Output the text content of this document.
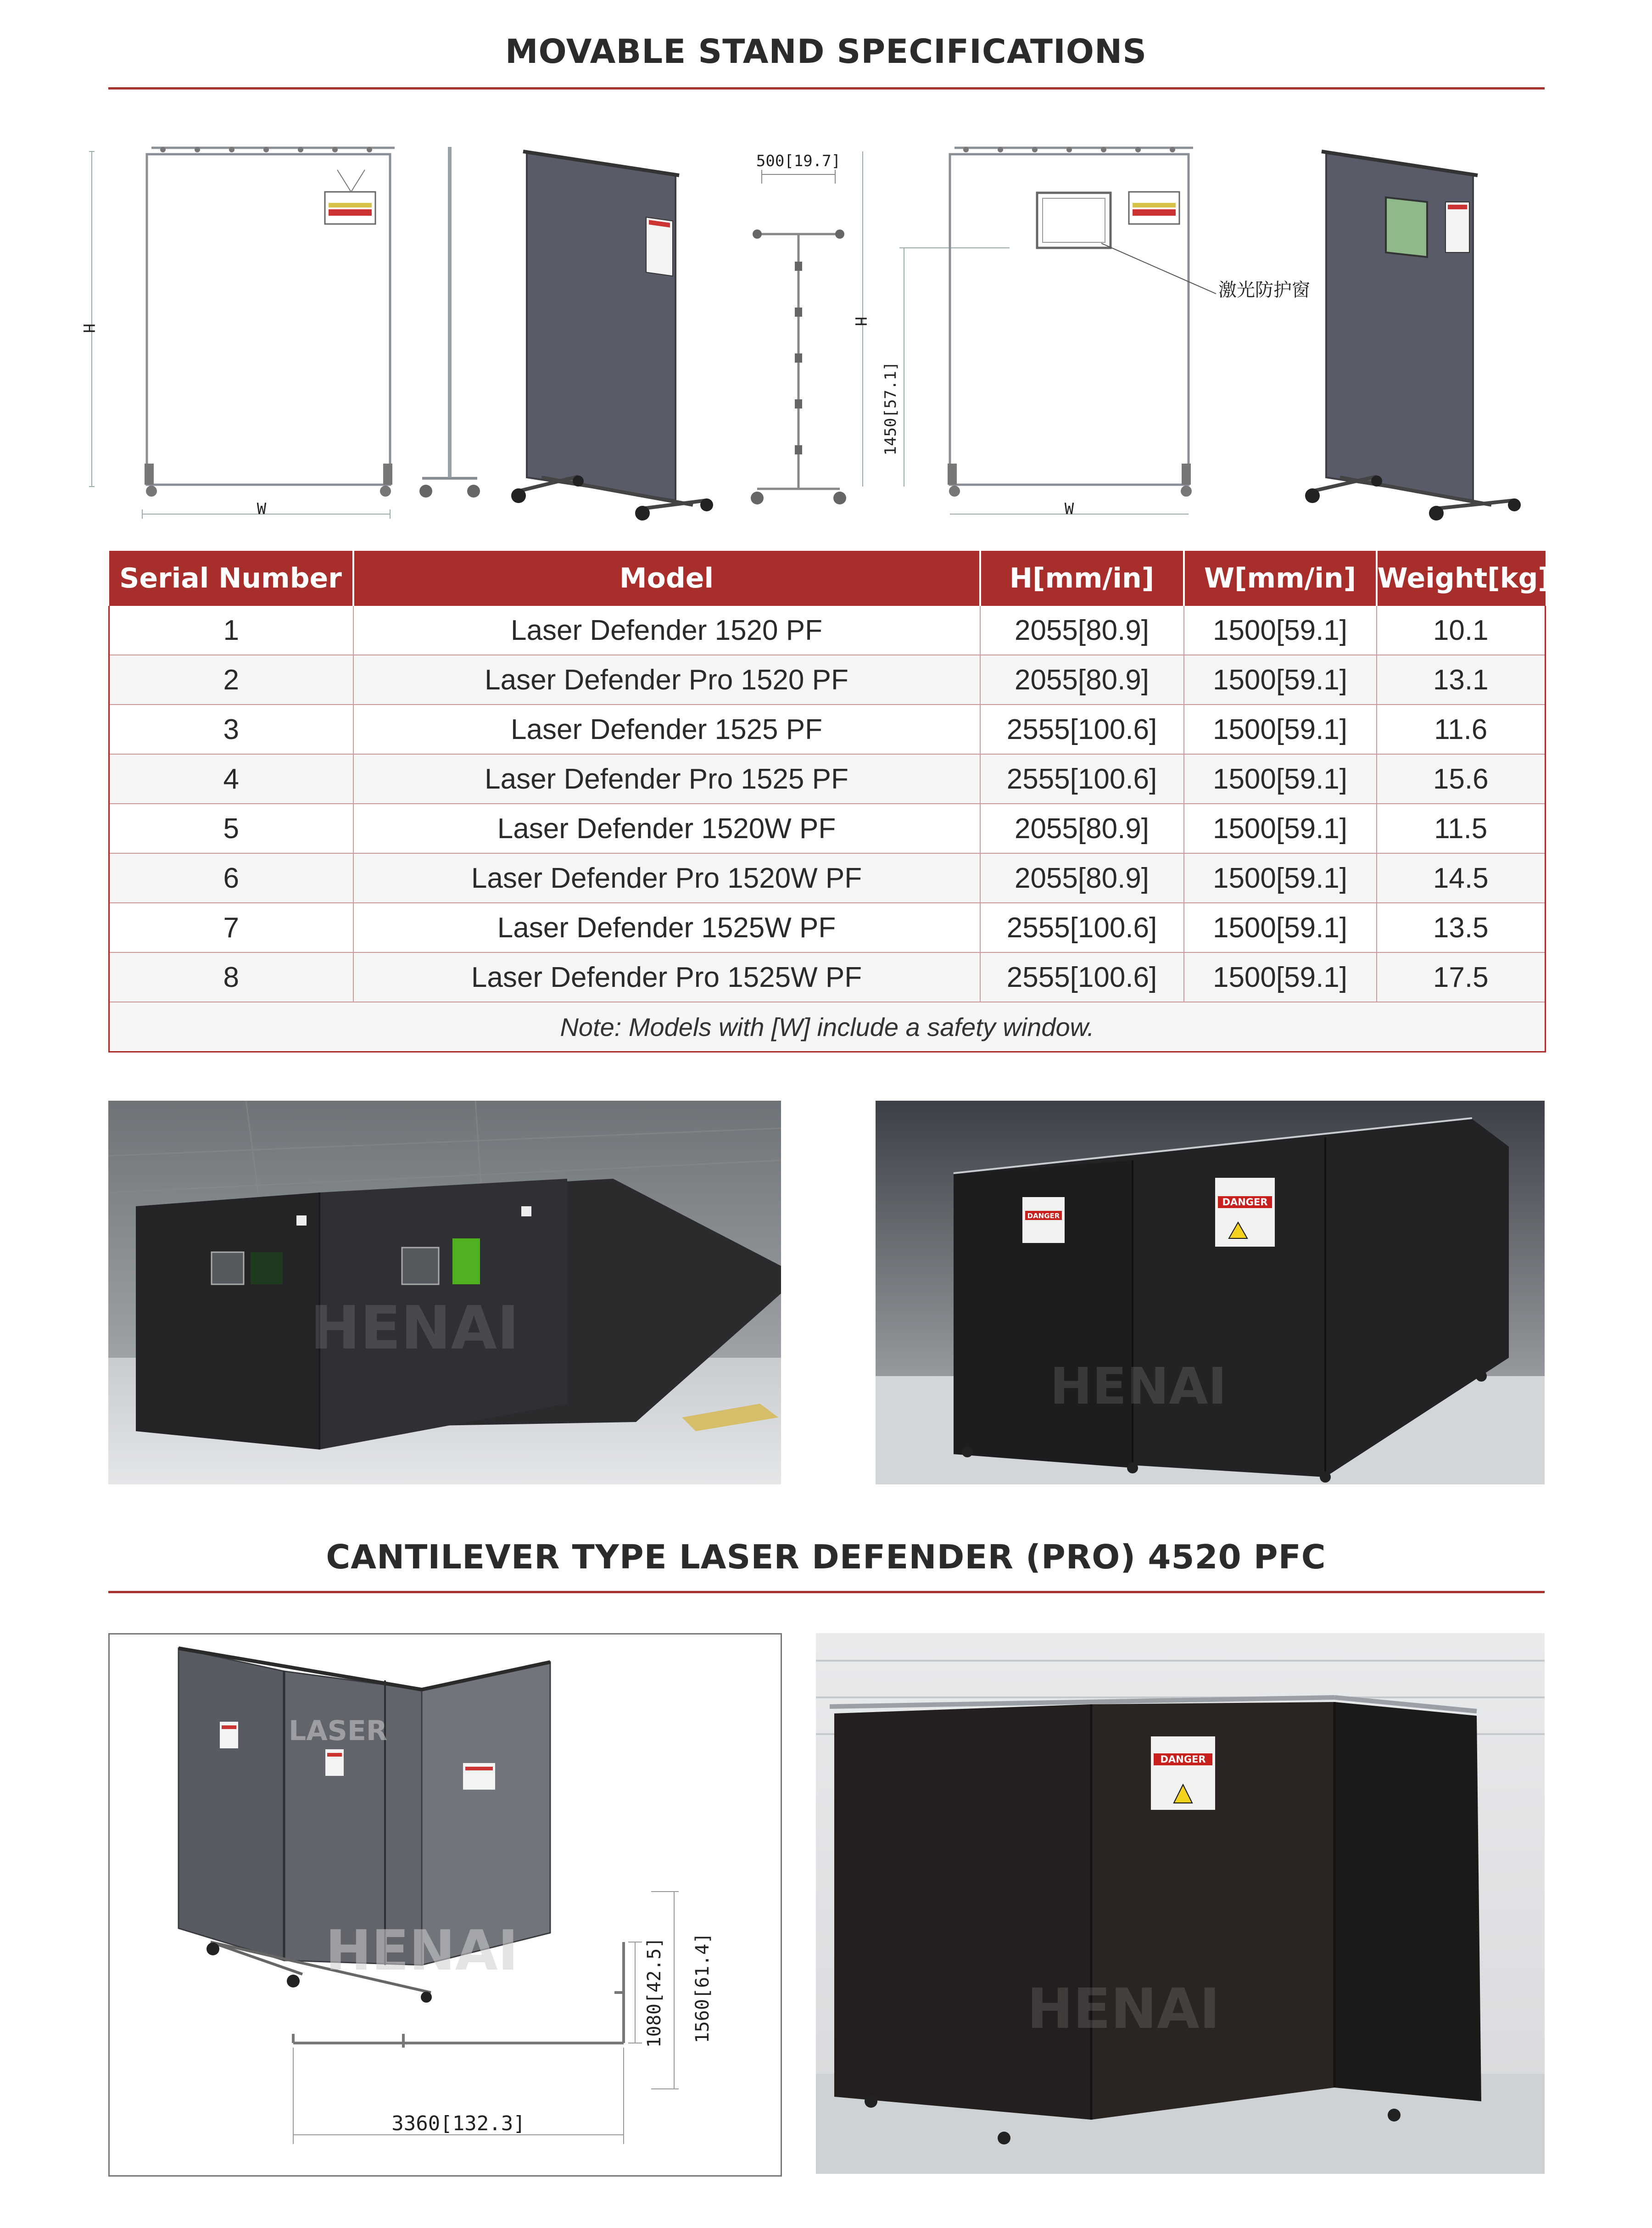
MOVABLE STAND SPECIFICATIONS
H
W
500[19.7]
激光防护窗
H
1450[57.1]
W
Serial Number	Model	H[mm/in]	W[mm/in]	Weight[kg]
1	Laser Defender 1520 PF	2055[80.9]	1500[59.1]	10.1
2	Laser Defender Pro 1520 PF	2055[80.9]	1500[59.1]	13.1
3	Laser Defender 1525 PF	2555[100.6]	1500[59.1]	11.6
4	Laser Defender Pro 1525 PF	2555[100.6]	1500[59.1]	15.6
5	Laser Defender 1520W PF	2055[80.9]	1500[59.1]	11.5
6	Laser Defender Pro 1520W PF	2055[80.9]	1500[59.1]	14.5
7	Laser Defender 1525W PF	2555[100.6]	1500[59.1]	13.5
8	Laser Defender Pro 1525W PF	2555[100.6]	1500[59.1]	17.5
Note: Models with [W] include a safety window.				
HENAI
DANGER
DANGER
HENAI
CANTILEVER TYPE LASER DEFENDER (PRO) 4520 PFC
HENAI
LASER
3360[132.3]
1080[42.5] 1560[61.4]
DANGER
HENAI
